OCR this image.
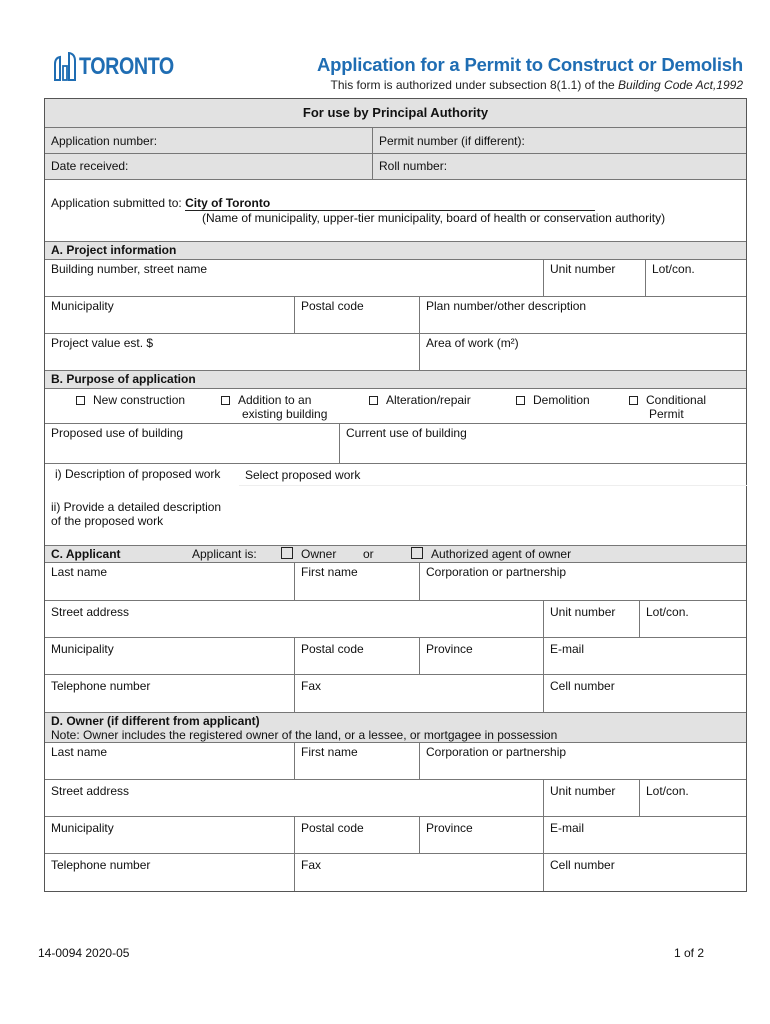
TORONTO	Application for a Permit to Construct or Demolish
This form is authorized under subsection 8(1.1) of the Building Code Act,1992
For use by Principal Authority
Application number:	Permit number (if different):
Date received:	Roll number:
Application submitted to: City of Toronto
(Name of municipality, upper-tier municipality, board of health or conservation authority)
A. Project information
Building number, street name	Unit number	Lot/con.
Municipality	Postal code	Plan number/other description
Project value est. $	Area of work (m²)
B. Purpose of application
New construction	Addition to an
existing building
Alteration/repair	Demolition	Conditional
Permit
Proposed use of building	Current use of building
i) Description of proposed work	Select proposed work
ii) Provide a detailed description
of the proposed work
C. Applicant	Applicant is:	Owner or	Authorized agent of owner
Last name	First name	Corporation or partnership
Street address	Unit number	Lot/con.
Municipality	Postal code	Province	E-mail
Telephone number	Fax	Cell number
D. Owner (if different from applicant)
Note: Owner includes the registered owner of the land, or a lessee, or mortgagee in possession
Last name	First name	Corporation or partnership
Street address	Unit number	Lot/con.
Municipality	Postal code	Province	E-mail
Telephone number	Fax	Cell number
14-0094 2020-05	1 of 2
